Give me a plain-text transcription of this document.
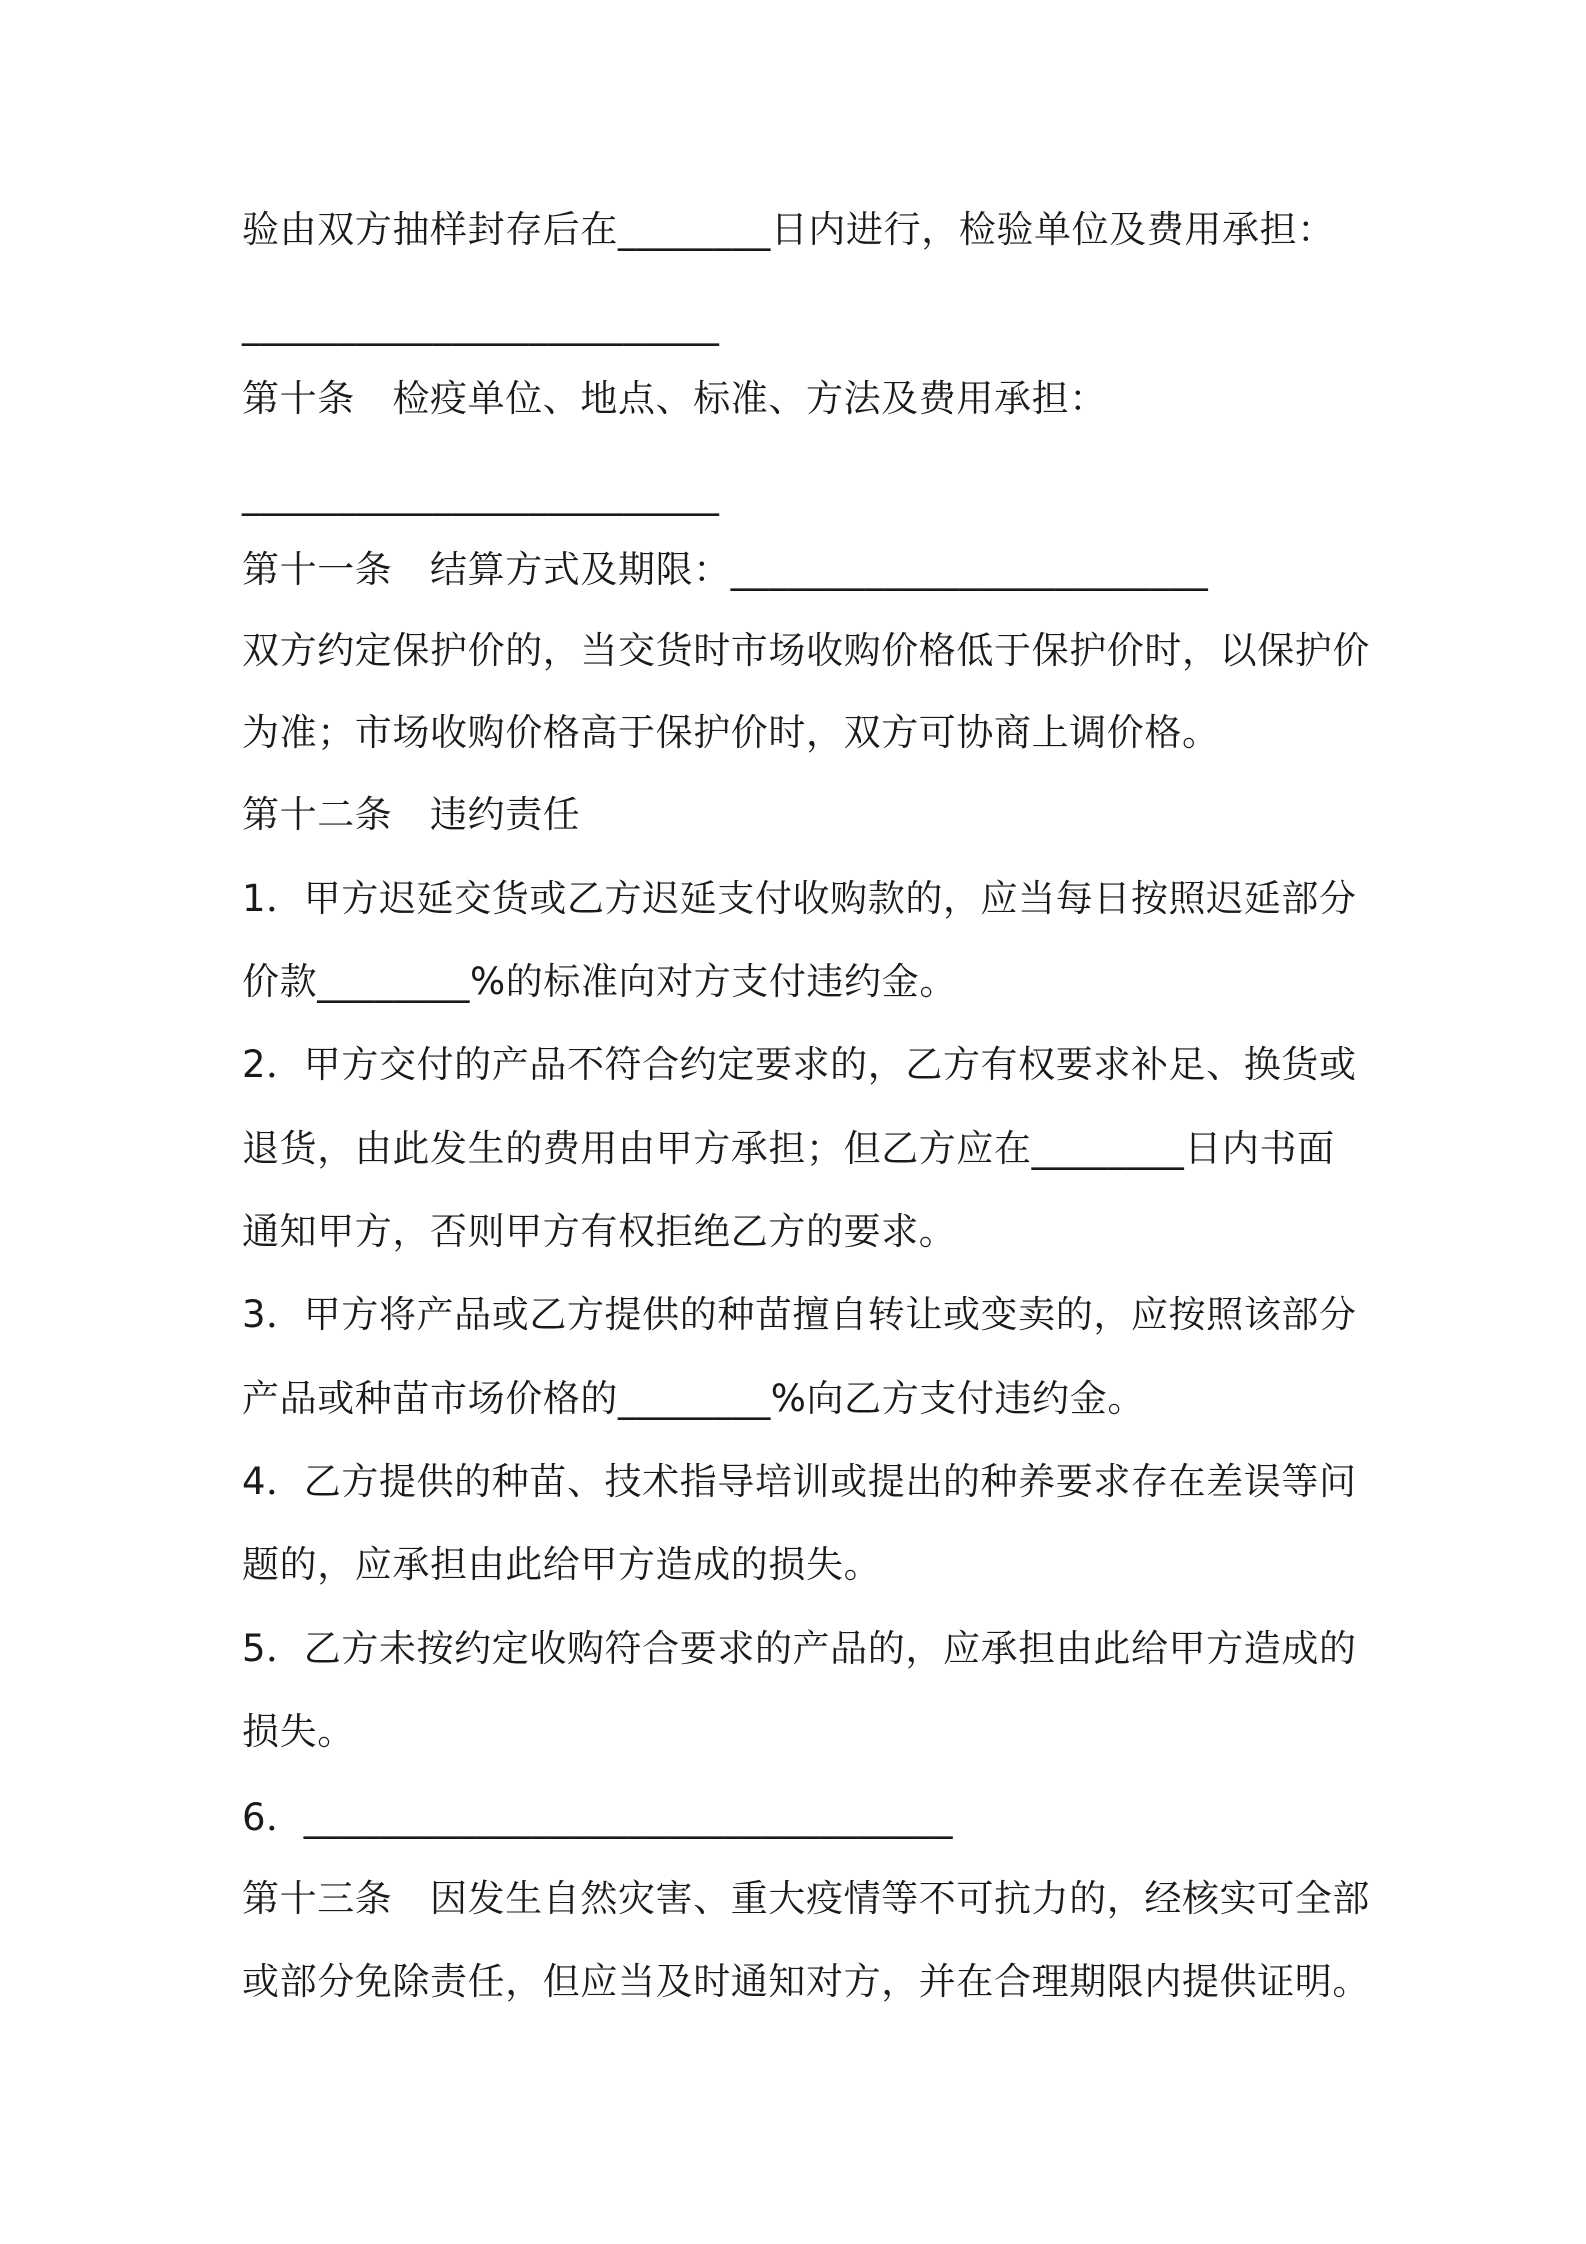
验由双方抽样封存后在________日内进行，检验单位及费用承担：
_________________________
第十条　检疫单位、地点、标准、方法及费用承担：
_________________________
第十一条　结算方式及期限：_________________________
双方约定保护价的，当交货时市场收购价格低于保护价时，以保护价
为准；市场收购价格高于保护价时，双方可协商上调价格。
第十二条　违约责任
1．甲方迟延交货或乙方迟延支付收购款的，应当每日按照迟延部分
价款________%的标准向对方支付违约金。
2．甲方交付的产品不符合约定要求的，乙方有权要求补足、换货或
退货，由此发生的费用由甲方承担；但乙方应在________日内书面
通知甲方，否则甲方有权拒绝乙方的要求。
3．甲方将产品或乙方提供的种苗擅自转让或变卖的，应按照该部分
产品或种苗市场价格的________%向乙方支付违约金。
4．乙方提供的种苗、技术指导培训或提出的种养要求存在差误等问
题的，应承担由此给甲方造成的损失。
5．乙方未按约定收购符合要求的产品的，应承担由此给甲方造成的
损失。
6．__________________________________
第十三条　因发生自然灾害、重大疫情等不可抗力的，经核实可全部
或部分免除责任，但应当及时通知对方，并在合理期限内提供证明。
